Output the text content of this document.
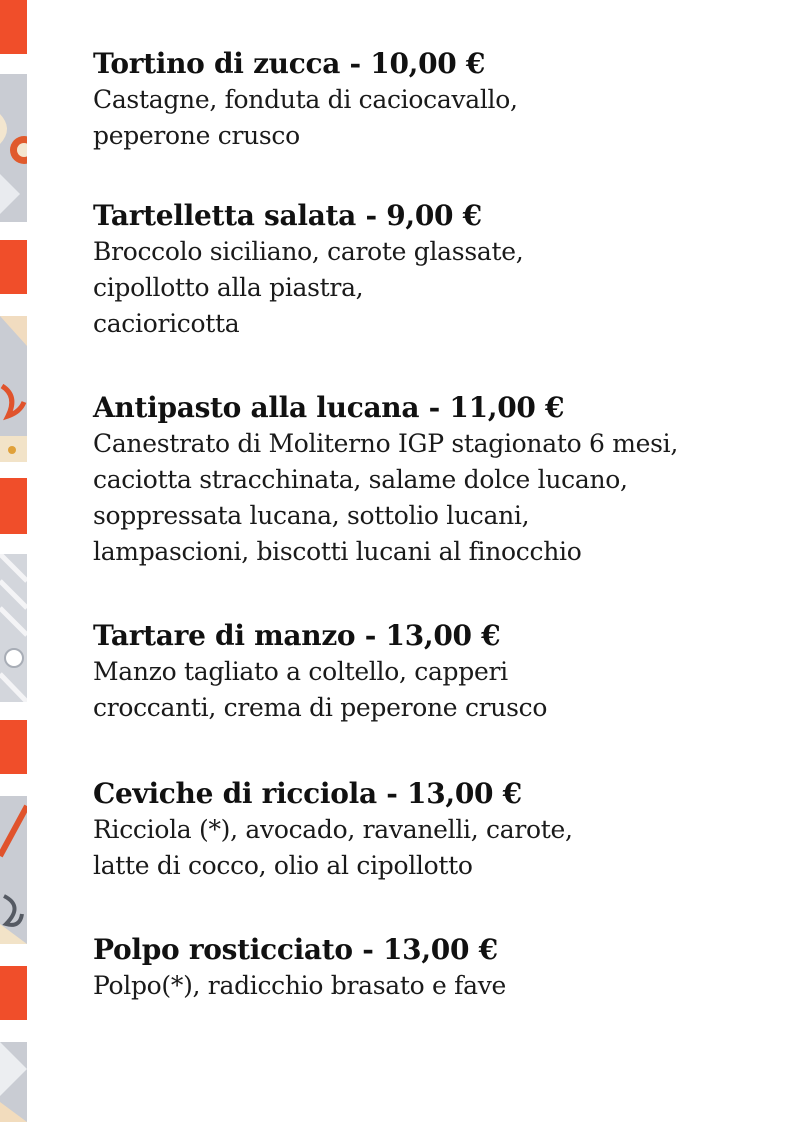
Tortino di zucca - 10,00 €

Castagne, fonduta di caciocavallo,

peperone crusco

Tartelletta salata - 9,00 €

Broccolo siciliano, carote glassate,

cipollotto alla piastra,

cacioricotta

Antipasto alla lucana - 11,00 €

Canestrato di Moliterno IGP stagionato 6 mesi,

caciotta stracchinata, salame dolce lucano,

soppressata lucana, sottolio lucani,

lampascioni, biscotti lucani al finocchio

Tartare di manzo - 13,00 €

Manzo tagliato a coltello, capperi

croccanti, crema di peperone crusco

Ceviche di ricciola - 13,00 €

Ricciola (*), avocado, ravanelli, carote,

latte di cocco, olio al cipollotto

Polpo rosticciato - 13,00 €

Polpo(*), radicchio brasato e fave
